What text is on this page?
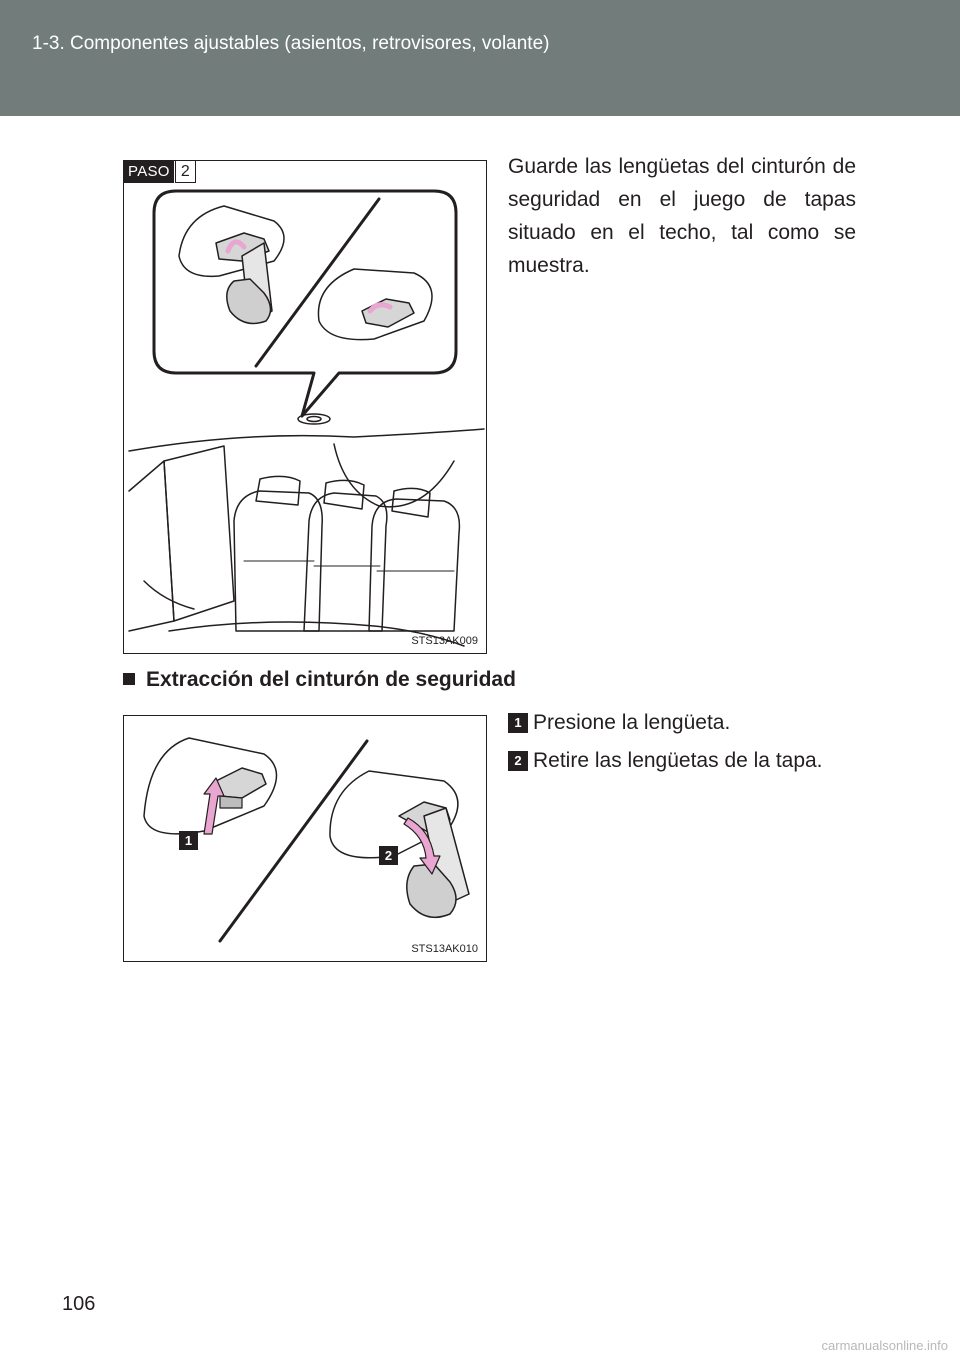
1-3. Componentes ajustables (asientos, retrovisores, volante)
STS13AK009
PASO 2	Guarde las lengüetas del cinturón de seguridad en el juego de tapas situado en el techo, tal como se muestra.
Extracción del cinturón de seguridad
1
2
STS13AK010
1 Presione la lengüeta.
2 Retire las lengüetas de la tapa.
106
carmanualsonline.info
